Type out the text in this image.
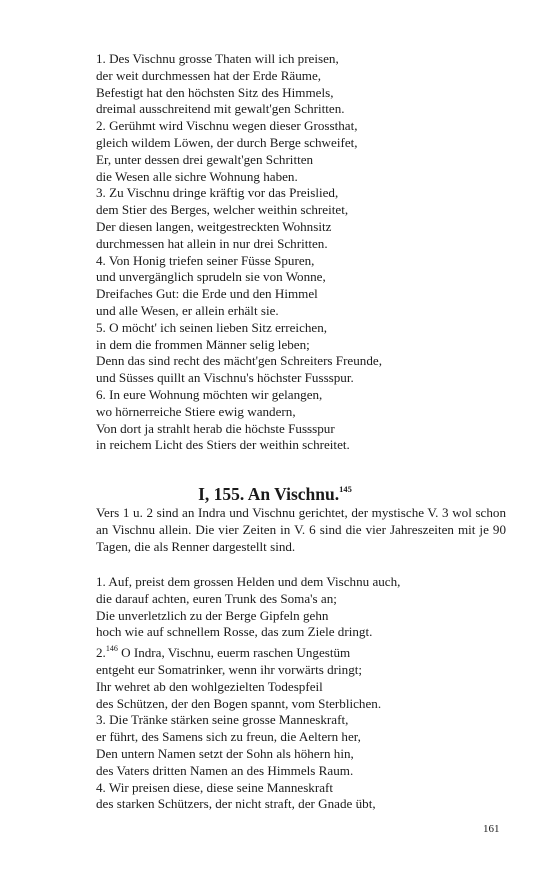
1. Des Vischnu grosse Thaten will ich preisen,
der weit durchmessen hat der Erde Räume,
Befestigt hat den höchsten Sitz des Himmels,
dreimal ausschreitend mit gewalt'gen Schritten.
2. Gerühmt wird Vischnu wegen dieser Grossthat,
gleich wildem Löwen, der durch Berge schweifet,
Er, unter dessen drei gewalt'gen Schritten
die Wesen alle sichre Wohnung haben.
3. Zu Vischnu dringe kräftig vor das Preislied,
dem Stier des Berges, welcher weithin schreitet,
Der diesen langen, weitgestreckten Wohnsitz
durchmessen hat allein in nur drei Schritten.
4. Von Honig triefen seiner Füsse Spuren,
und unvergänglich sprudeln sie von Wonne,
Dreifaches Gut: die Erde und den Himmel
und alle Wesen, er allein erhält sie.
5. O möcht' ich seinen lieben Sitz erreichen,
in dem die frommen Männer selig leben;
Denn das sind recht des mächt'gen Schreiters Freunde,
und Süsses quillt an Vischnu's höchster Fussspur.
6. In eure Wohnung möchten wir gelangen,
wo hörnerreiche Stiere ewig wandern,
Von dort ja strahlt herab die höchste Fussspur
in reichem Licht des Stiers der weithin schreitet.
I, 155. An Vischnu.$^{145}$
Vers 1 u. 2 sind an Indra und Vischnu gerichtet, der mystische V. 3 wol schon an Vischnu allein. Die vier Zeiten in V. 6 sind die vier Jahreszeiten mit je 90 Tagen, die als Renner dargestellt sind.
1. Auf, preist dem grossen Helden und dem Vischnu auch,
die darauf achten, euren Trunk des Soma's an;
Die unverletzlich zu der Berge Gipfeln gehn
hoch wie auf schnellem Rosse, das zum Ziele dringt.
2.$^{146}$ O Indra, Vischnu, euerm raschen Ungestüm
entgeht eur Somatrinker, wenn ihr vorwärts dringt;
Ihr wehret ab den wohlgezielten Todespfeil
des Schützen, der den Bogen spannt, vom Sterblichen.
3. Die Tränke stärken seine grosse Manneskraft,
er führt, des Samens sich zu freun, die Aeltern her,
Den untern Namen setzt der Sohn als höhern hin,
des Vaters dritten Namen an des Himmels Raum.
4. Wir preisen diese, diese seine Manneskraft
des starken Schützers, der nicht straft, der Gnade übt,
161
